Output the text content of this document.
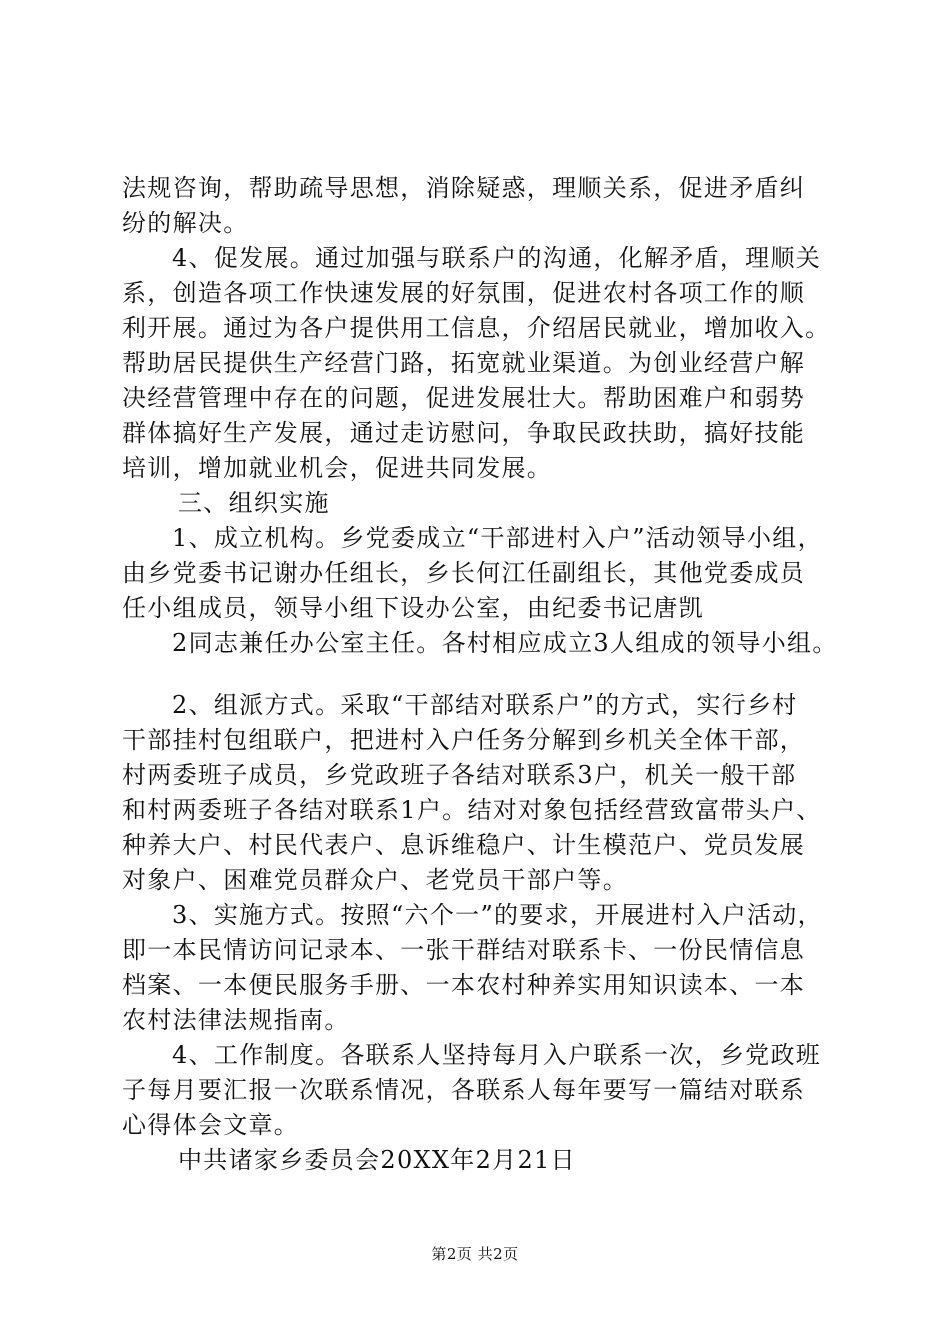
法规咨询，帮助疏导思想，消除疑惑，理顺关系，促进矛盾纠
纷的解决。
4、促发展。通过加强与联系户的沟通，化解矛盾，理顺关
系，创造各项工作快速发展的好氛围，促进农村各项工作的顺
利开展。通过为各户提供用工信息，介绍居民就业，增加收入。
帮助居民提供生产经营门路，拓宽就业渠道。为创业经营户解
决经营管理中存在的问题，促进发展壮大。帮助困难户和弱势
群体搞好生产发展，通过走访慰问，争取民政扶助，搞好技能
培训，增加就业机会，促进共同发展。
三、组织实施
1、成立机构。乡党委成立“干部进村入户”活动领导小组，
由乡党委书记谢办任组长，乡长何江任副组长，其他党委成员
任小组成员，领导小组下设办公室，由纪委书记唐凯
2同志兼任办公室主任。各村相应成立3人组成的领导小组。
2、组派方式。采取“干部结对联系户”的方式，实行乡村
干部挂村包组联户，把进村入户任务分解到乡机关全体干部，
村两委班子成员，乡党政班子各结对联系3户，机关一般干部
和村两委班子各结对联系1户。结对对象包括经营致富带头户、
种养大户、村民代表户、息诉维稳户、计生模范户、党员发展
对象户、困难党员群众户、老党员干部户等。
3、实施方式。按照“六个一”的要求，开展进村入户活动，
即一本民情访问记录本、一张干群结对联系卡、一份民情信息
档案、一本便民服务手册、一本农村种养实用知识读本、一本
农村法律法规指南。
4、工作制度。各联系人坚持每月入户联系一次，乡党政班
子每月要汇报一次联系情况，各联系人每年要写一篇结对联系
心得体会文章。
中共诸家乡委员会20XX年2月21日
第2页 共2页
